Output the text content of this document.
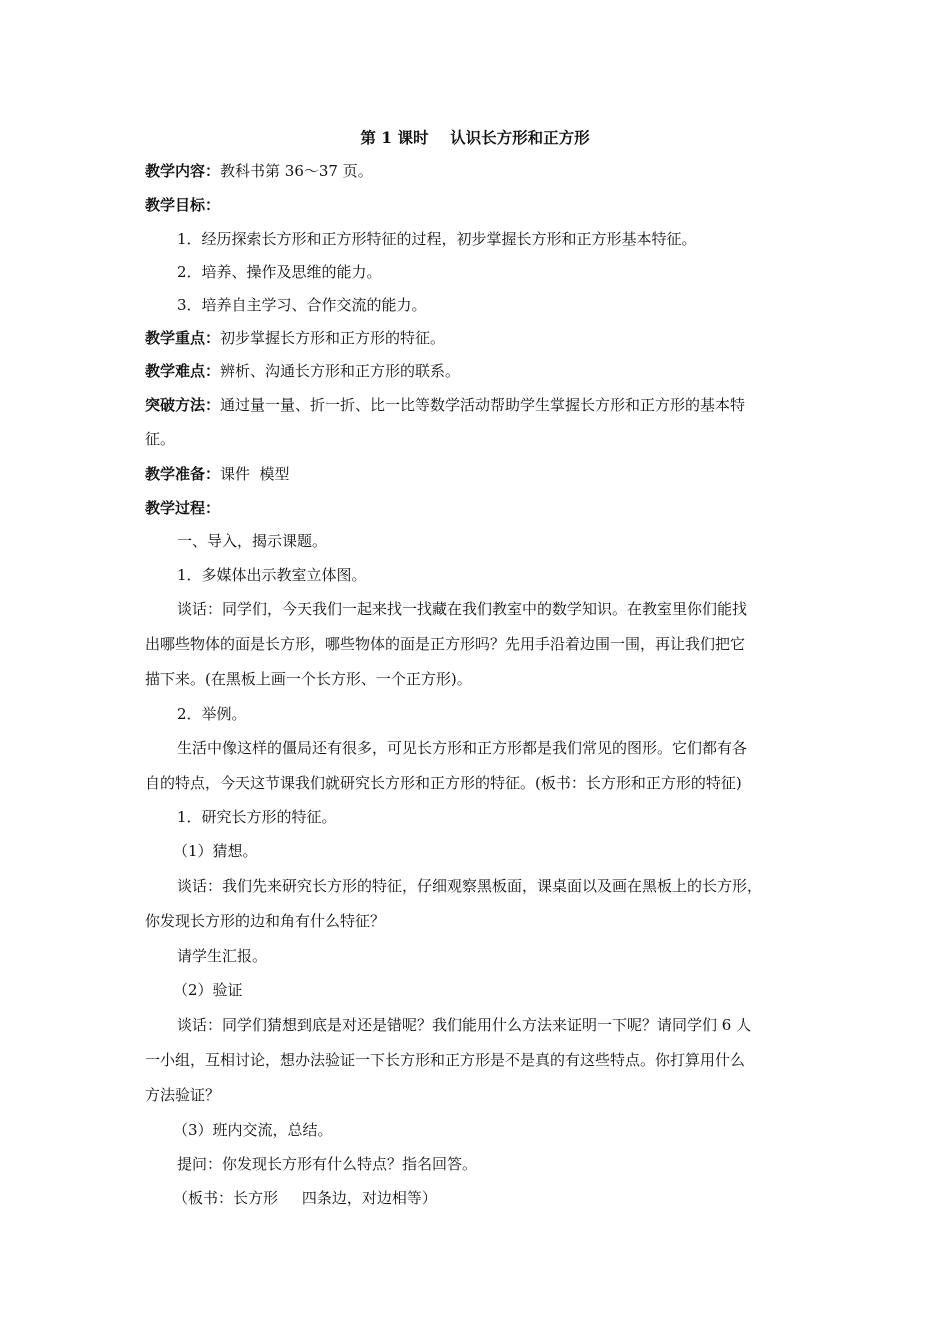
第 1 课时    认识长方形和正方形
教学内容：教科书第 36～37 页。
教学目标：
1．经历探索长方形和正方形特征的过程，初步掌握长方形和正方形基本特征。
2．培养、操作及思维的能力。
3．培养自主学习、合作交流的能力。
教学重点：初步掌握长方形和正方形的特征。
教学难点：辨析、沟通长方形和正方形的联系。
突破方法：通过量一量、折一折、比一比等数学活动帮助学生掌握长方形和正方形的基本特
征。
教学准备：课件  模型
教学过程：
一、导入，揭示课题。
1．多媒体出示教室立体图。
谈话：同学们，今天我们一起来找一找藏在我们教室中的数学知识。在教室里你们能找
出哪些物体的面是长方形，哪些物体的面是正方形吗？先用手沿着边围一围，再让我们把它
描下来。(在黑板上画一个长方形、一个正方形)。
2．举例。
生活中像这样的僵局还有很多，可见长方形和正方形都是我们常见的图形。它们都有各
自的特点，今天这节课我们就研究长方形和正方形的特征。(板书：长方形和正方形的特征)
1．研究长方形的特征。
（1）猜想。
谈话：我们先来研究长方形的特征，仔细观察黑板面，课桌面以及画在黑板上的长方形，
你发现长方形的边和角有什么特征？
请学生汇报。
（2）验证
谈话：同学们猜想到底是对还是错呢？我们能用什么方法来证明一下呢？请同学们 6 人
一小组，互相讨论，想办法验证一下长方形和正方形是不是真的有这些特点。你打算用什么
方法验证？
（3）班内交流，总结。
提问：你发现长方形有什么特点？指名回答。
（板书：长方形     四条边，对边相等）
